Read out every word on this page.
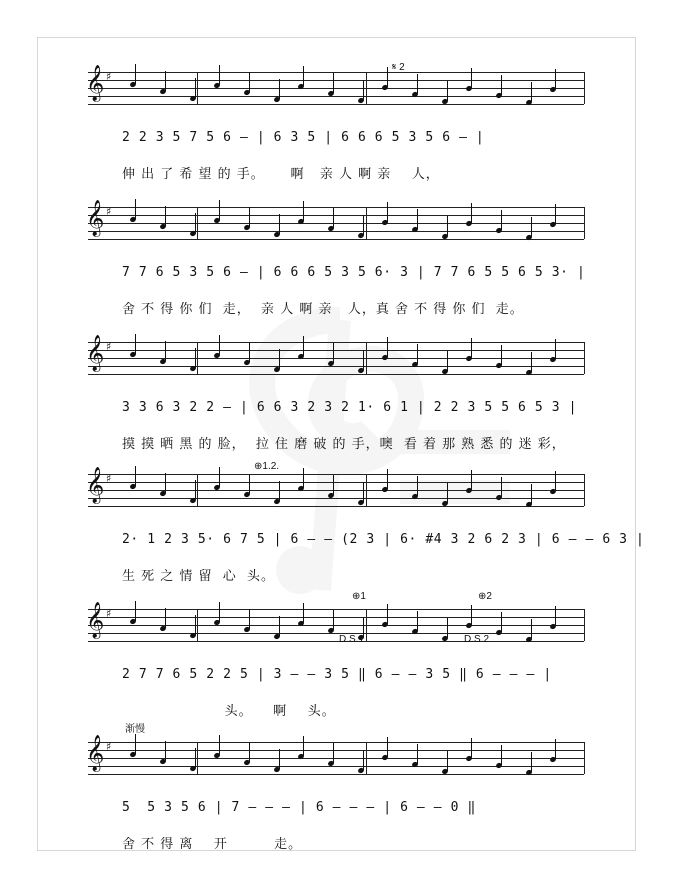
𝄞 ♯
2 2 3 5 7 5 6 — | 6 3 5 | 6 6 6 5 3 5 6 — |
伸 出 了 希 望 的 手。     啊   亲 人 啊 亲    人，
𝄋 2
𝄞 ♯
7 7 6 5 3 5 6 — | 6 6 6 5 3 5 6· 3 | 7 7 6 5 5 6 5 3· |
舍 不 得 你 们  走，  亲 人 啊 亲   人，真 舍 不 得 你 们  走。
𝄞 ♯
3 3 6 3 2 2 — | 6 6 3 2 3 2 1· 6 1 | 2 2 3 5 5 6 5 3 |
摸 摸 晒 黑 的 脸，  拉 住 磨 破 的 手，噢  看 着 那 熟 悉 的 迷 彩，
𝄞 ♯
2· 1 2 3 5· 6 7 5 | 6 — — (2 3 | 6· #4 3 2 6 2 3 | 6 — — 6 3 |
生 死 之 情 留  心  头。
⊕1.2.
𝄞 ♯
2 7 7 6 5 2 2 5 | 3 — — 3 5 ‖ 6 — — 3 5 ‖ 6 — — — |
头。    啊    头。
⊕1
D.S.1
⊕2
D.S.2
𝄞 ♯
5  5 3 5 6 | 7 — — — | 6 — — — | 6 — — 0 ‖
舍 不 得 离    开         走。
渐慢
